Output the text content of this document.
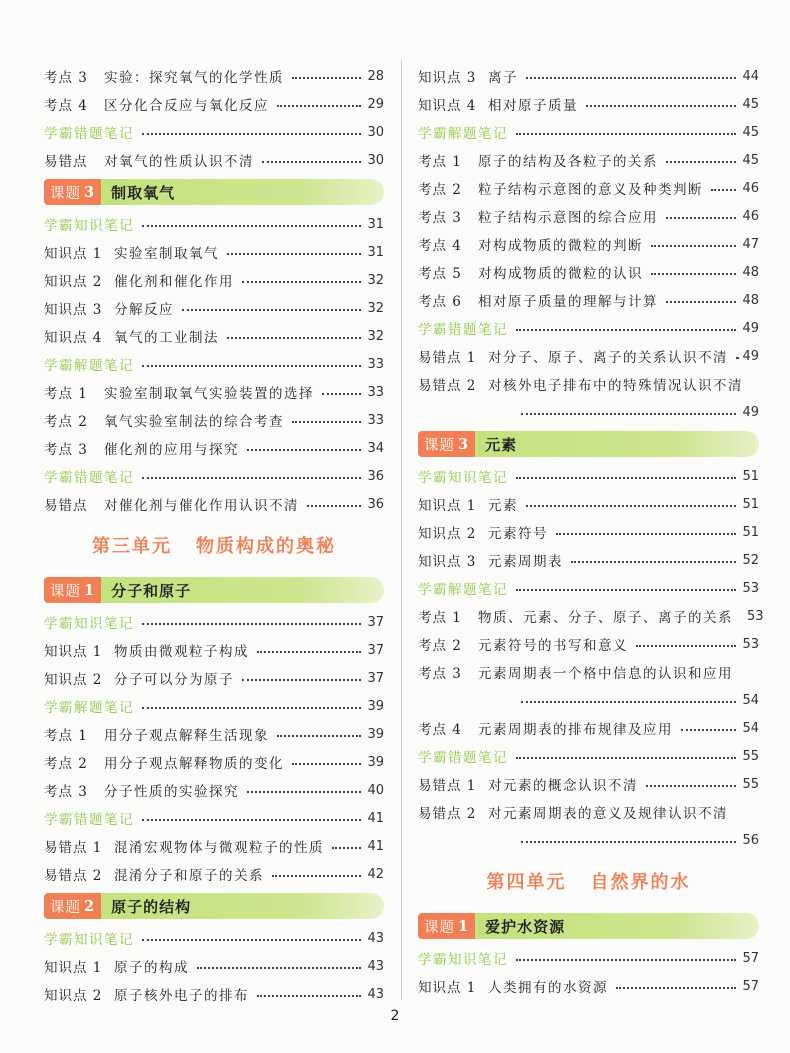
考点 3	实验：探究氧气的化学性质	28
考点 4	区分化合反应与氧化反应	29
学霸错题笔记	30
易错点	对氧气的性质认识不清	30
课题 3	制取氧气
学霸知识笔记	31
知识点 1 实验室制取氧气	31
知识点 2 催化剂和催化作用	32
知识点 3 分解反应	32
知识点 4 氧气的工业制法	32
学霸解题笔记	33
考点 1	实验室制取氧气实验装置的选择	33
考点 2	氧气实验室制法的综合考查	33
考点 3	催化剂的应用与探究	34
学霸错题笔记	36
易错点	对催化剂与催化作用认识不清	36
第三单元 物质构成的奥秘
课题 1	分子和原子
学霸知识笔记	37
知识点 1 物质由微观粒子构成	37
知识点 2 分子可以分为原子	37
学霸解题笔记	39
考点 1	用分子观点解释生活现象	39
考点 2	用分子观点解释物质的变化	39
考点 3	分子性质的实验探究	40
学霸错题笔记	41
易错点 1 混淆宏观物体与微观粒子的性质	41
易错点 2 混淆分子和原子的关系	42
课题 2	原子的结构
学霸知识笔记	43
知识点 1 原子的构成	43
知识点 2 原子核外电子的排布	43
知识点 3 离子	44
知识点 4 相对原子质量	45
学霸解题笔记	45
考点 1	原子的结构及各粒子的关系	45
考点 2	粒子结构示意图的意义及种类判断	46
考点 3	粒子结构示意图的综合应用	46
考点 4	对构成物质的微粒的判断	47
考点 5	对构成物质的微粒的认识	48
考点 6	相对原子质量的理解与计算	48
学霸错题笔记	49
易错点 1 对分子、原子、离子的关系认识不清 49
易错点 2 对核外电子排布中的特殊情况认识不清
49
课题 3	元素
学霸知识笔记	51
知识点 1 元素	51
知识点 2 元素符号	51
知识点 3 元素周期表	52
学霸解题笔记	53
考点 1	物质、元素、分子、原子、离子的关系 53
考点 2	元素符号的书写和意义	53
考点 3	元素周期表一个格中信息的认识和应用
54
考点 4	元素周期表的排布规律及应用	54
学霸错题笔记	55
易错点 1 对元素的概念认识不清	55
易错点 2 对元素周期表的意义及规律认识不清
56
第四单元 自然界的水
课题 1	爱护水资源
学霸知识笔记	57
知识点 1 人类拥有的水资源	57
2
